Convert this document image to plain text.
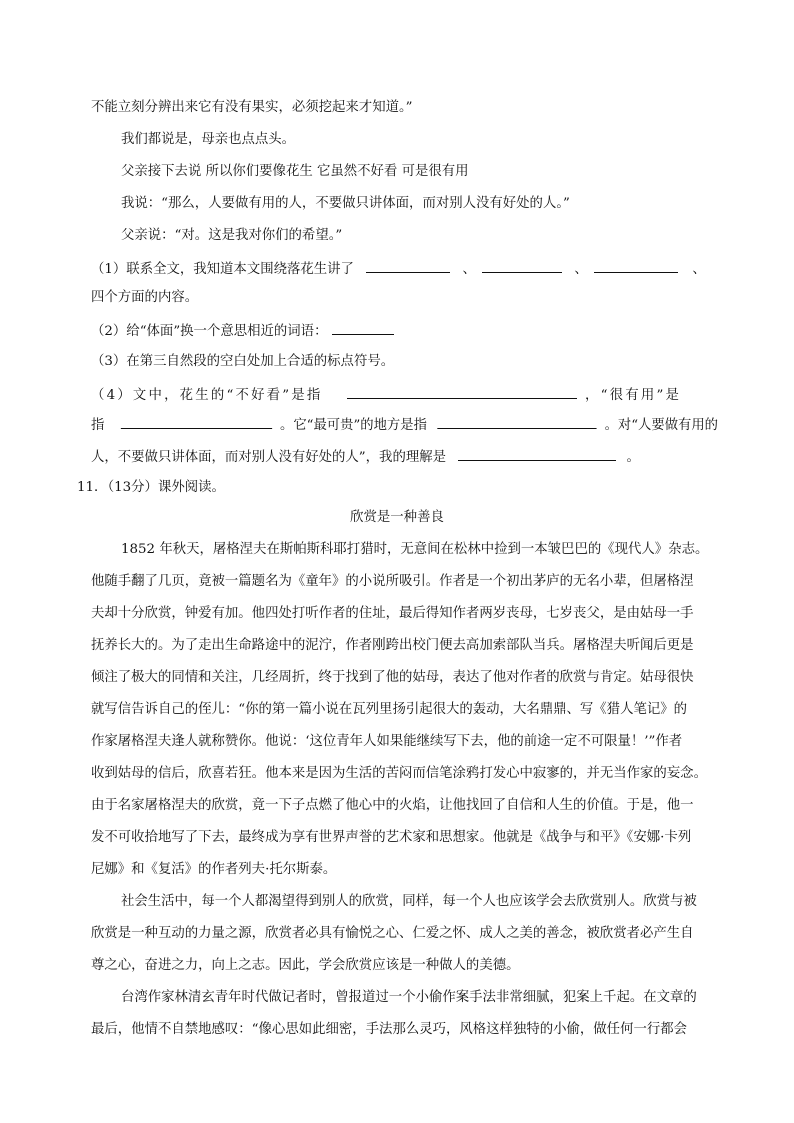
不能立刻分辨出来它有没有果实，必须挖起来才知道。”
我们都说是，母亲也点点头。
父亲接下去说 所以你们要像花生 它虽然不好看 可是很有用
我说：“那么，人要做有用的人，不要做只讲体面，而对别人没有好处的人。”
父亲说：“对。这是我对你们的希望。”
（1）联系全文，我知道本文围绕落花生讲了	、	、	、
四个方面的内容。
（2）给“体面”换一个意思相近的词语：
（3）在第三自然段的空白处加上合适的标点符号。
（4）文中，花生的“不好看”是指	，“很有用”是
指	。它“最可贵”的地方是指	。对“人要做有用的
人，不要做只讲体面，而对别人没有好处的人”，我的理解是	。
11．（13分）课外阅读。
欣赏是一种善良
1852 年秋天，屠格涅夫在斯帕斯科耶打猎时，无意间在松林中捡到一本皱巴巴的《现代人》杂志。
他随手翻了几页，竟被一篇题名为《童年》的小说所吸引。作者是一个初出茅庐的无名小辈，但屠格涅
夫却十分欣赏，钟爱有加。他四处打听作者的住址，最后得知作者两岁丧母，七岁丧父，是由姑母一手
抚养长大的。为了走出生命路途中的泥泞，作者刚跨出校门便去高加索部队当兵。屠格涅夫听闻后更是
倾注了极大的同情和关注，几经周折，终于找到了他的姑母，表达了他对作者的欣赏与肯定。姑母很快
就写信告诉自己的侄儿：“你的第一篇小说在瓦列里扬引起很大的轰动，大名鼎鼎、写《猎人笔记》的
作家屠格涅夫逢人就称赞你。他说：‘这位青年人如果能继续写下去，他的前途一定不可限量！’”作者
收到姑母的信后，欣喜若狂。他本来是因为生活的苦闷而信笔涂鸦打发心中寂寥的，并无当作家的妄念。
由于名家屠格涅夫的欣赏，竟一下子点燃了他心中的火焰，让他找回了自信和人生的价值。于是，他一
发不可收拾地写了下去，最终成为享有世界声誉的艺术家和思想家。他就是《战争与和平》《安娜·卡列
尼娜》和《复活》的作者列夫·托尔斯泰。
社会生活中，每一个人都渴望得到别人的欣赏，同样，每一个人也应该学会去欣赏别人。欣赏与被
欣赏是一种互动的力量之源，欣赏者必具有愉悦之心、仁爱之怀、成人之美的善念，被欣赏者必产生自
尊之心，奋进之力，向上之志。因此，学会欣赏应该是一种做人的美德。
台湾作家林清玄青年时代做记者时，曾报道过一个小偷作案手法非常细腻，犯案上千起。在文章的
最后，他情不自禁地感叹：“像心思如此细密，手法那么灵巧，风格这样独特的小偷，做任何一行都会
